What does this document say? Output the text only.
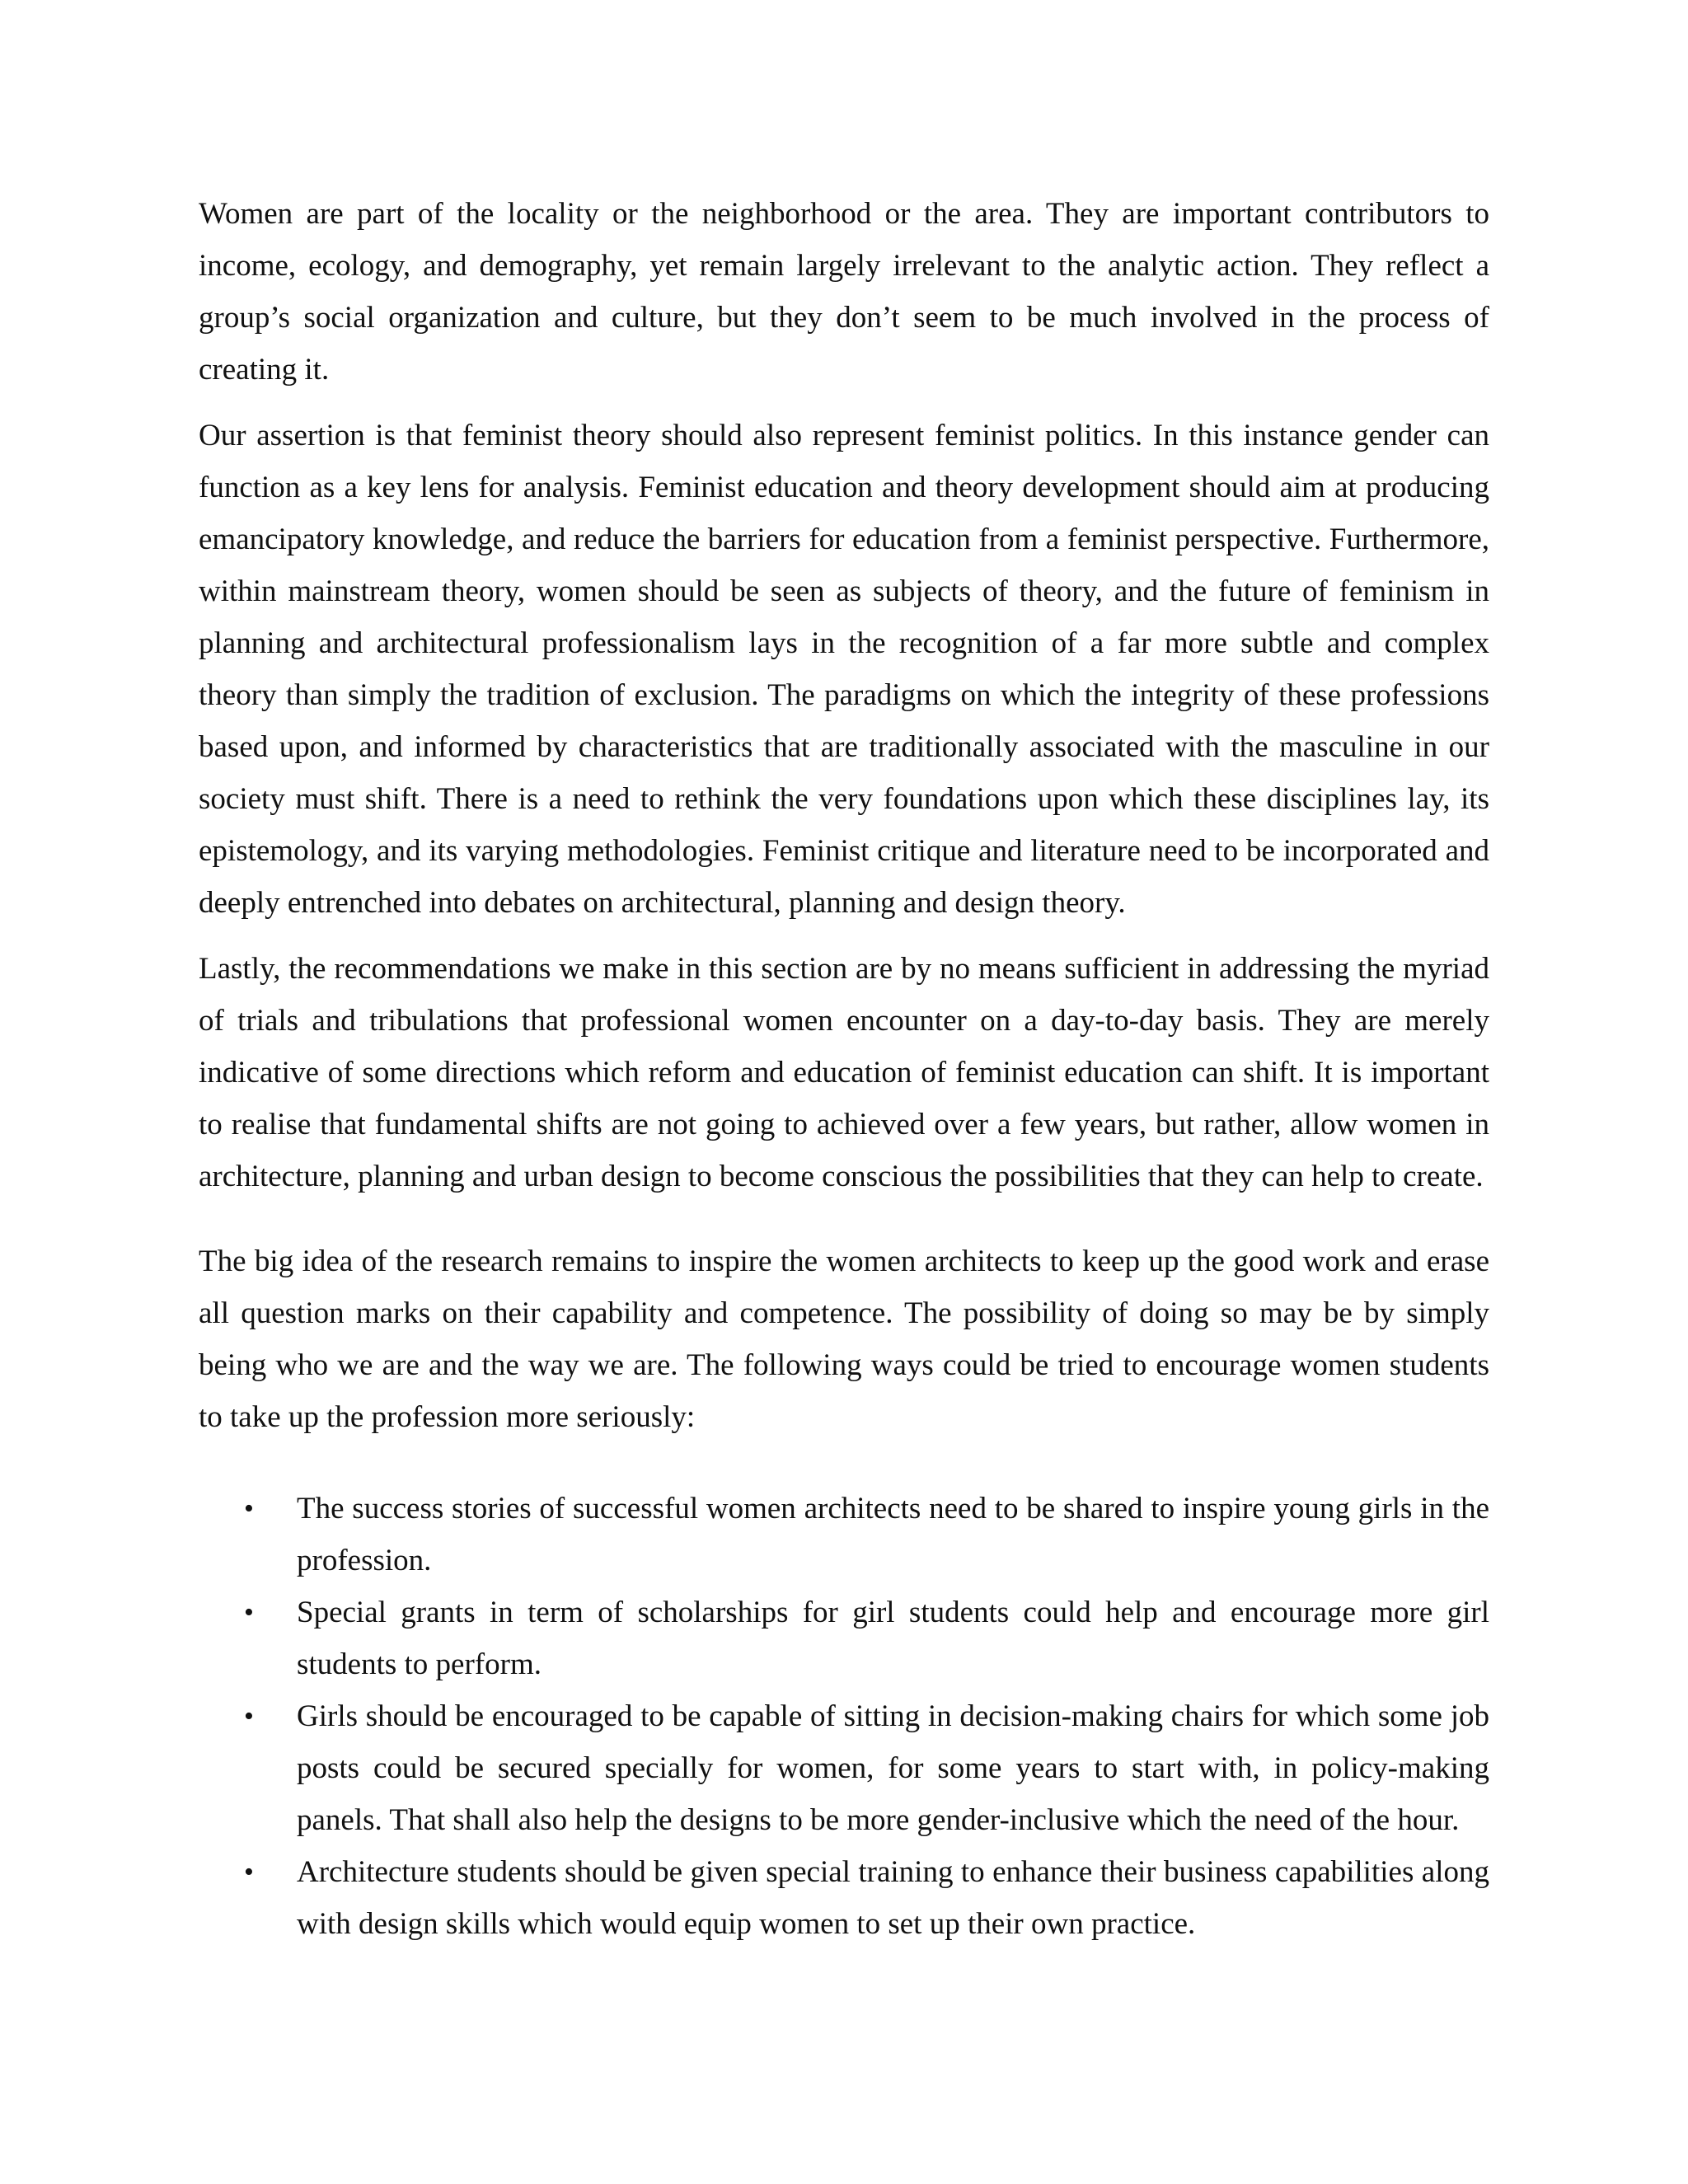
Women are part of the locality or the neighborhood or the area. They are important contributors to income, ecology, and demography, yet remain largely irrelevant to the analytic action. They reflect a group’s social organization and culture, but they don’t seem to be much involved in the process of creating it.

Our assertion is that feminist theory should also represent feminist politics. In this instance gender can function as a key lens for analysis. Feminist education and theory development should aim at producing emancipatory knowledge, and reduce the barriers for education from a feminist perspective. Furthermore, within mainstream theory, women should be seen as subjects of theory, and the future of feminism in planning and architectural professionalism lays in the recognition of a far more subtle and complex theory than simply the tradition of exclusion. The paradigms on which the integrity of these professions based upon, and informed by characteristics that are traditionally associated with the masculine in our society must shift. There is a need to rethink the very foundations upon which these disciplines lay, its epistemology, and its varying methodologies. Feminist critique and literature need to be incorporated and deeply entrenched into debates on architectural, planning and design theory.

Lastly, the recommendations we make in this section are by no means sufficient in addressing the myriad of trials and tribulations that professional women encounter on a day-to-day basis. They are merely indicative of some directions which reform and education of feminist education can shift. It is important to realise that fundamental shifts are not going to achieved over a few years, but rather, allow women in architecture, planning and urban design to become conscious the possibilities that they can help to create.

The big idea of the research remains to inspire the women architects to keep up the good work and erase all question marks on their capability and competence. The possibility of doing so may be by simply being who we are and the way we are. The following ways could be tried to encourage women students to take up the profession more seriously:

• The success stories of successful women architects need to be shared to inspire young girls in the profession.
• Special grants in term of scholarships for girl students could help and encourage more girl students to perform.
• Girls should be encouraged to be capable of sitting in decision-making chairs for which some job posts could be secured specially for women, for some years to start with, in policy-making panels. That shall also help the designs to be more gender-inclusive which the need of the hour.
• Architecture students should be given special training to enhance their business capabilities along with design skills which would equip women to set up their own practice.
